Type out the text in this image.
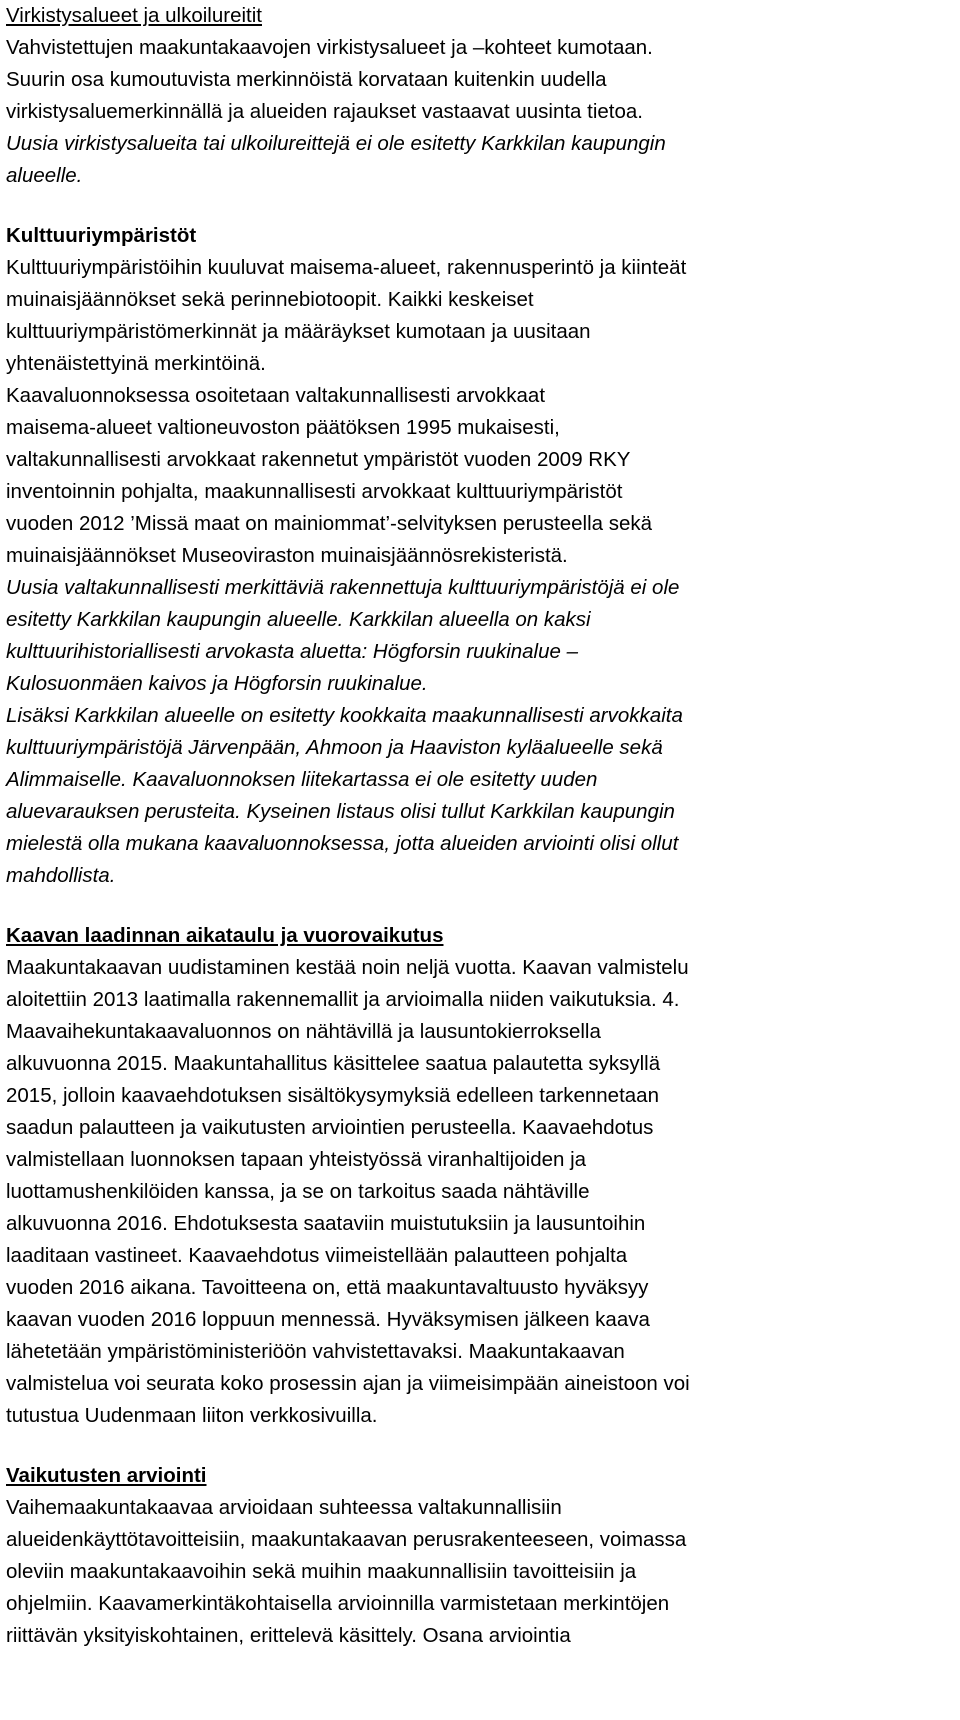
Virkistysalueet ja ulkoilureitit
Vahvistettujen maakuntakaavojen virkistysalueet ja –kohteet kumotaan.
Suurin osa kumoutuvista merkinnöistä korvataan kuitenkin uudella
virkistysaluemerkinnällä ja alueiden rajaukset vastaavat uusinta tietoa.
Uusia virkistysalueita tai ulkoilureittejä ei ole esitetty Karkkilan kaupungin
alueelle.
Kulttuuriympäristöt
Kulttuuriympäristöihin kuuluvat maisema-alueet, rakennusperintö ja kiinteät
muinaisjäännökset sekä perinnebiotoopit. Kaikki keskeiset
kulttuuriympäristömerkinnät ja määräykset kumotaan ja uusitaan
yhtenäistettyinä merkintöinä.
Kaavaluonnoksessa osoitetaan valtakunnallisesti arvokkaat
maisema-alueet valtioneuvoston päätöksen 1995 mukaisesti,
valtakunnallisesti arvokkaat rakennetut ympäristöt vuoden 2009 RKY
inventoinnin pohjalta, maakunnallisesti arvokkaat kulttuuriympäristöt
vuoden 2012 ’Missä maat on mainiommat’-selvityksen perusteella sekä
muinaisjäännökset Museoviraston muinaisjäännösrekisteristä.
Uusia valtakunnallisesti merkittäviä rakennettuja kulttuuriympäristöjä ei ole
esitetty Karkkilan kaupungin alueelle. Karkkilan alueella on kaksi
kulttuurihistoriallisesti arvokasta aluetta: Högforsin ruukinalue –
Kulosuonmäen kaivos ja Högforsin ruukinalue.
Lisäksi Karkkilan alueelle on esitetty kookkaita maakunnallisesti arvokkaita
kulttuuriympäristöjä Järvenpään, Ahmoon ja Haaviston kyläalueelle sekä
Alimmaiselle. Kaavaluonnoksen liitekartassa ei ole esitetty uuden
aluevarauksen perusteita. Kyseinen listaus olisi tullut Karkkilan kaupungin
mielestä olla mukana kaavaluonnoksessa, jotta alueiden arviointi olisi ollut
mahdollista.
Kaavan laadinnan aikataulu ja vuorovaikutus
Maakuntakaavan uudistaminen kestää noin neljä vuotta. Kaavan valmistelu
aloitettiin 2013 laatimalla rakennemallit ja arvioimalla niiden vaikutuksia. 4.
Maavaihekuntakaavaluonnos on nähtävillä ja lausuntokierroksella
alkuvuonna 2015. Maakuntahallitus käsittelee saatua palautetta syksyllä
2015, jolloin kaavaehdotuksen sisältökysymyksiä edelleen tarkennetaan
saadun palautteen ja vaikutusten arviointien perusteella. Kaavaehdotus
valmistellaan luonnoksen tapaan yhteistyössä viranhaltijoiden ja
luottamushenkilöiden kanssa, ja se on tarkoitus saada nähtäville
alkuvuonna 2016. Ehdotuksesta saataviin muistutuksiin ja lausuntoihin
laaditaan vastineet. Kaavaehdotus viimeistellään palautteen pohjalta
vuoden 2016 aikana. Tavoitteena on, että maakuntavaltuusto hyväksyy
kaavan vuoden 2016 loppuun mennessä. Hyväksymisen jälkeen kaava
lähetetään ympäristöministeriöön vahvistettavaksi. Maakuntakaavan
valmistelua voi seurata koko prosessin ajan ja viimeisimpään aineistoon voi
tutustua Uudenmaan liiton verkkosivuilla.
Vaikutusten arviointi
Vaihemaakuntakaavaa arvioidaan suhteessa valtakunnallisiin
alueidenkäyttötavoitteisiin, maakuntakaavan perusrakenteeseen, voimassa
oleviin maakuntakaavoihin sekä muihin maakunnallisiin tavoitteisiin ja
ohjelmiin. Kaavamerkintäkohtaisella arvioinnilla varmistetaan merkintöjen
riittävän yksityiskohtainen, erittelevä käsittely. Osana arviointia
